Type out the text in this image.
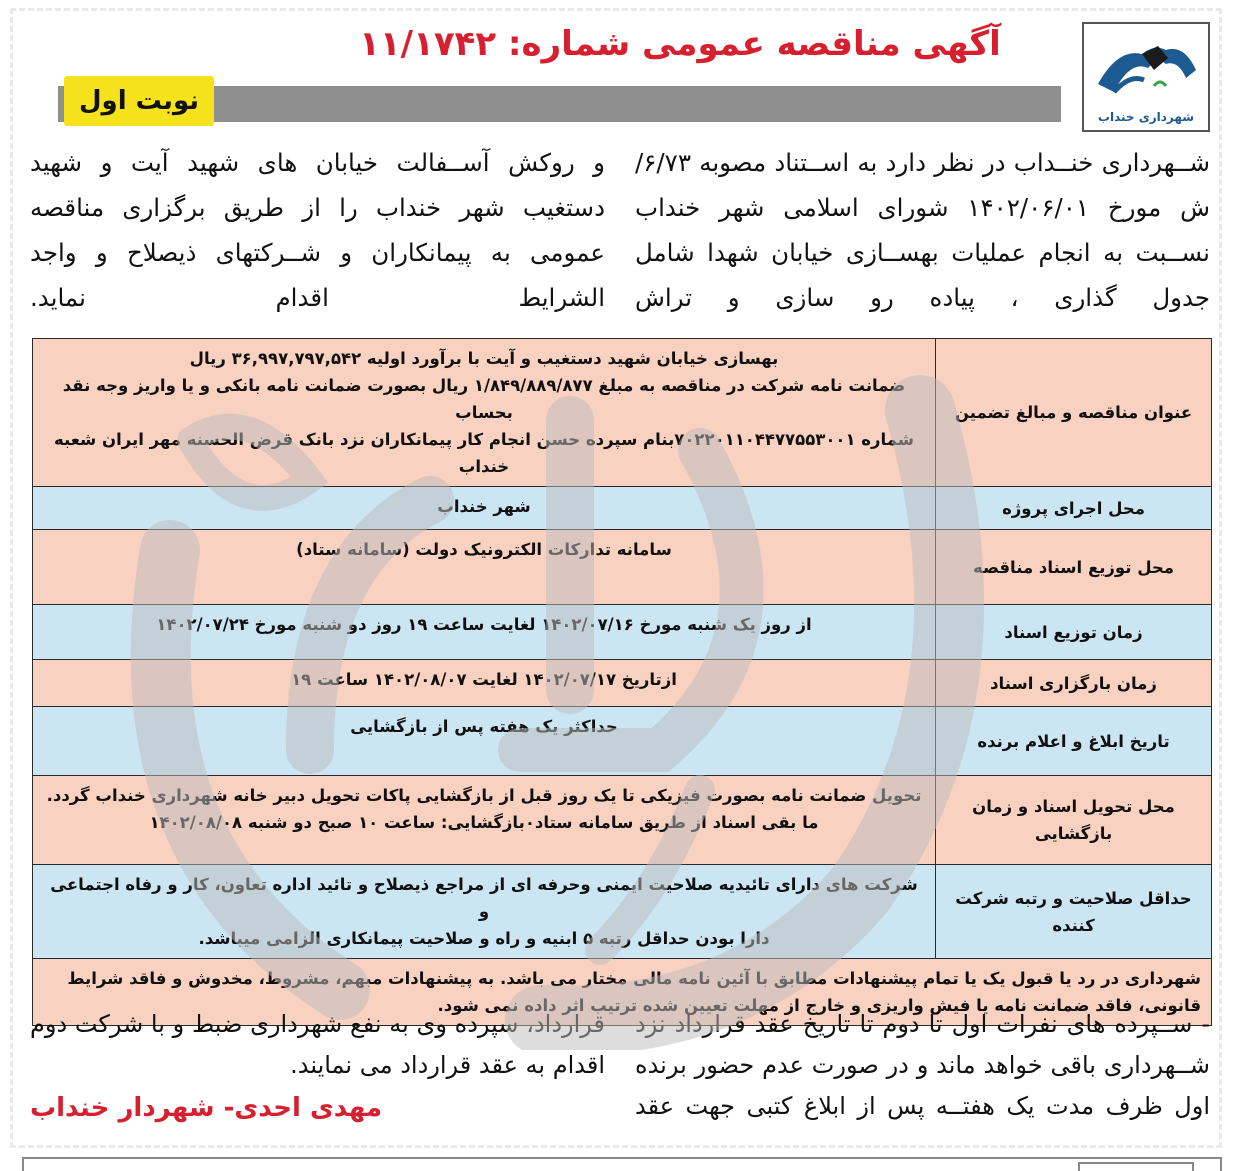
شهرداری خنداب
آگهی مناقصه عمومی شماره: ۱۱/۱۷۴۲
نوبت اول
شــهرداری خنــداب در نظر دارد به اســتناد مصوبه ۶/۷۳/ش مورخ ۱۴۰۲/۰۶/۰۱ شورای اسلامی شهر خنداب نســبت به انجام عملیات بهســازی خیابان شهدا شامل جدول گذاری ، پیاده رو سازی و تراش
و روکش آســفالت خیابان های شهید آیت و شهید دستغیب شهر خنداب را از طریق برگزاری مناقصه عمومی به پیمانکاران و شــرکتهای ذیصلاح و واجد الشرایط اقدام نماید.
عنوان مناقصه و مبالغ تضمین	بهسازی خیابان شهید دستغیب و آیت با برآورد اولیه ۳۶,۹۹۷,۷۹۷,۵۴۲ ریال
ضمانت نامه شرکت در مناقصه به مبلغ ۱/۸۴۹/۸۸۹/۸۷۷ ریال بصورت ضمانت نامه بانکی و یا واریز وجه نقد بحساب
شماره ۷۰۲۲۰۱۱۰۴۴۷۷۵۵۳۰۰۱بنام سپرده حسن انجام کار پیمانکاران نزد بانک قرض الحسنه مهر ایران شعبه خنداب

محل اجرای پروژه	شهر خنداب

محل توزیع اسناد مناقصه	سامانه تداركات الكترونیک دولت (سامانه ستاد)

زمان توزیع اسناد	از روز یک شنبه مورخ ۱۴۰۲/۰۷/۱۶ لغایت ساعت ۱۹ روز دو شنبه مورخ ۱۴۰۲/۰۷/۲۴

زمان بارگزاری اسناد	ازتاریخ ۱۴۰۲/۰۷/۱۷ لغایت ۱۴۰۲/۰۸/۰۷ ساعت ۱۹

تاریخ ابلاغ و اعلام برنده	حداكثر یک هفته پس از بازگشایی

محل تحویل اسناد و زمان بازگشایی	تحویل ضمانت نامه بصورت فیزیکی تا یک روز قبل از بازگشایی پاکات تحویل دبیر خانه شهرداری خنداب گردد.
ما بقی اسناد از طریق سامانه ستاد٠بازگشایی: ساعت ۱۰ صبح دو شنبه ۱۴۰۲/۰۸/۰۸

حداقل صلاحیت و رتبه شرکت کننده	شرکت های دارای تائیدیه صلاحیت ایمنی وحرفه ای از مراجع ذیصلاح و تائید اداره تعاون، کار و رفاه اجتماعی و
دارا بودن حداقل رتبه ۵ ابنیه و راه و صلاحیت پیمانکاری الزامی میباشد.

شهرداری در رد یا قبول یک یا تمام پیشنهادات مطابق با آئین نامه مالی مختار می باشد. به پیشنهادات مبهم، مشروط، مخدوش و فاقد شرایط قانونی، فاقد ضمانت نامه یا فیش واریزی و خارج از مهلت تعیین شده ترتیب اثر داده نمی شود.	
- ســپرده های نفرات اول تا دوم تا تاریخ عقد قرارداد نزد شــهرداری باقی خواهد ماند و در صورت عدم حضور برنده اول ظرف مدت یک هفتــه پس از ابلاغ کتبی جهت عقد
قرارداد، سپرده وی به نفع شهرداری ضبط و با شرکت دوم اقدام به عقد قرارداد می نمایند.
مهدی احدی- شهردار خنداب
